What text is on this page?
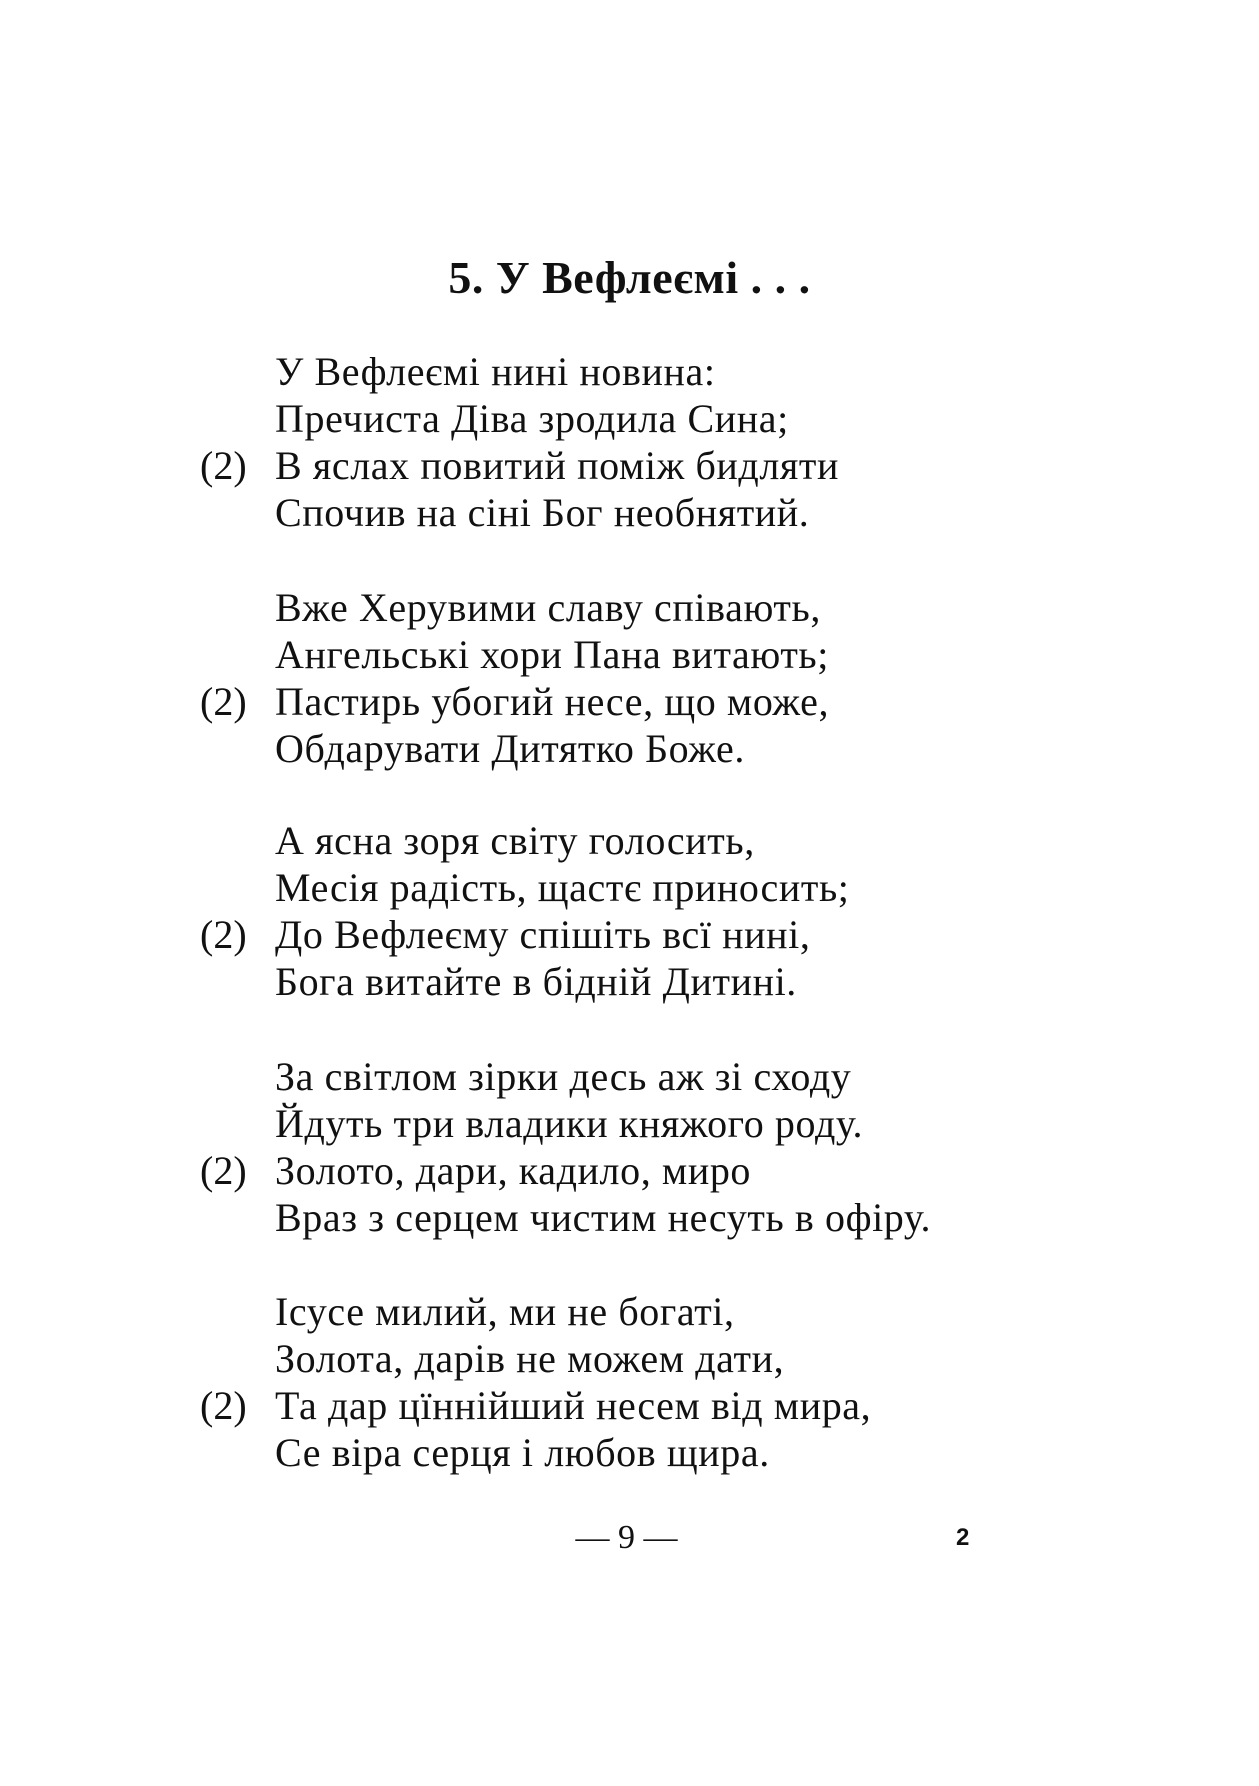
5. У Вефлеємі . . .
У Вефлеємі нині новина:
Пречиста Діва зродила Сина;
(2) В яслах повитий поміж бидляти
Спочив на сіні Бог необнятий.
Вже Херувими славу співають,
Ангельські хори Пана витають;
(2) Пастирь убогий несе, що може,
Обдарувати Дитятко Боже.
А ясна зоря світу голосить,
Месія радість, щастє приносить;
(2) До Вефлеєму спішіть всї нині,
Бога витайте в бідній Дитині.
За світлом зірки десь аж зі сходу
Йдуть три владики княжого роду.
(2) Золото, дари, кадило, миро
Враз з серцем чистим несуть в офіру.
Ісусе милий, ми не богаті,
Золота, дарів не можем дати,
(2) Та дар цїннійший несем від мира,
Се віра серця і любов щира.
— 9 —	2
